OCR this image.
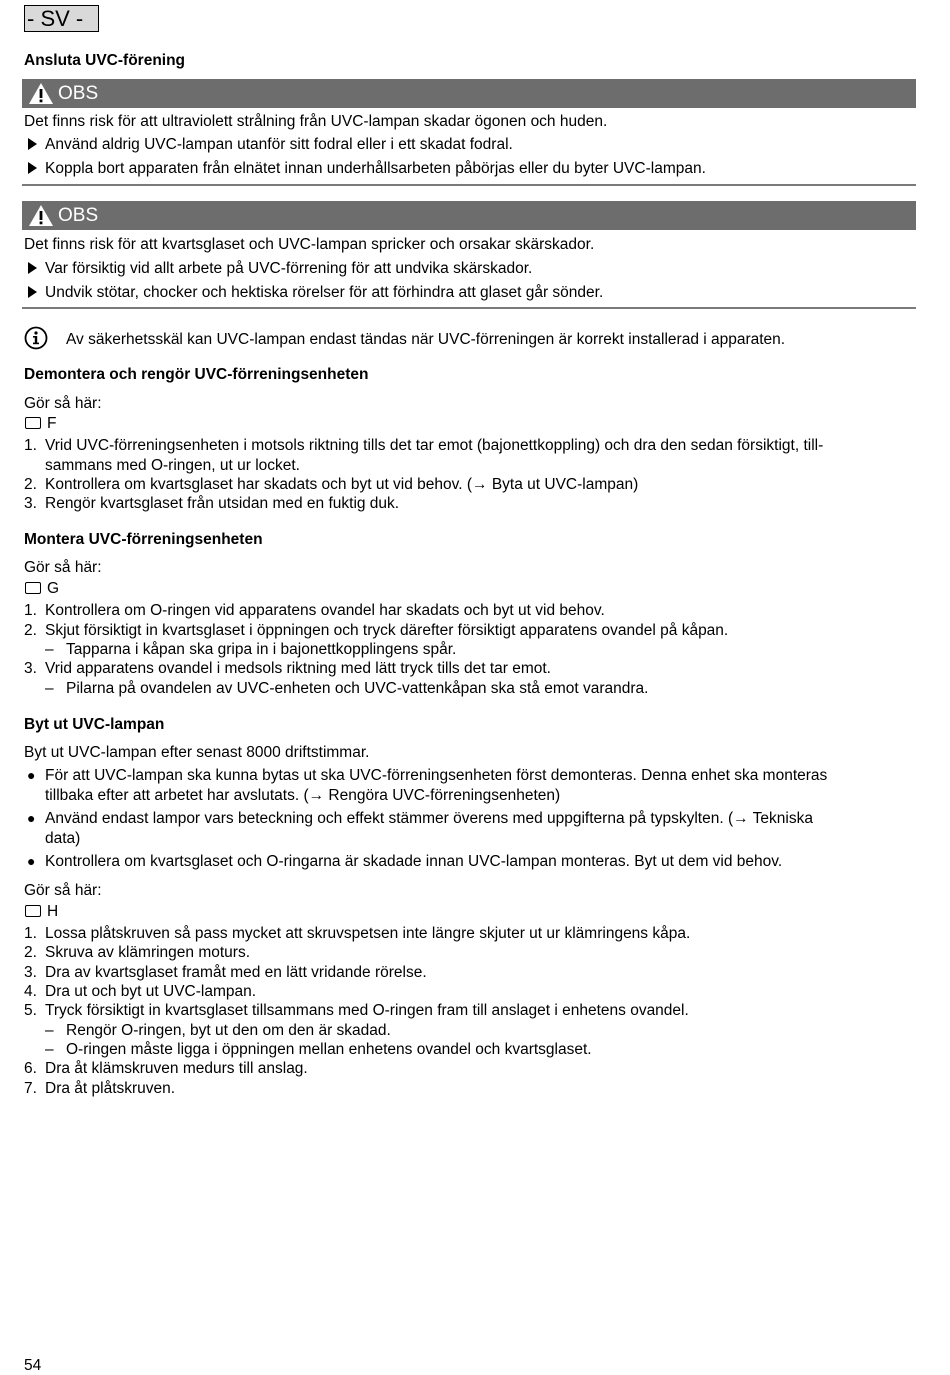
- SV -
Ansluta UVC-förening
OBS
Det finns risk för att ultraviolett strålning från UVC-lampan skadar ögonen och huden.
Använd aldrig UVC-lampan utanför sitt fodral eller i ett skadat fodral.
Koppla bort apparaten från elnätet innan underhållsarbeten påbörjas eller du byter UVC-lampan.
OBS
Det finns risk för att kvartsglaset och UVC-lampan spricker och orsakar skärskador.
Var försiktig vid allt arbete på UVC-förrening för att undvika skärskador.
Undvik stötar, chocker och hektiska rörelser för att förhindra att glaset går sönder.
Av säkerhetsskäl kan UVC-lampan endast tändas när UVC-förreningen är korrekt installerad i apparaten.
Demontera och rengör UVC-förreningsenheten
Gör så här:
F
1. Vrid UVC-förreningsenheten i motsols riktning tills det tar emot (bajonettkoppling) och dra den sedan försiktigt, till-
sammans med O-ringen, ut ur locket.
2. Kontrollera om kvartsglaset har skadats och byt ut vid behov. (→ Byta ut UVC-lampan)
3. Rengör kvartsglaset från utsidan med en fuktig duk.
Montera UVC-förreningsenheten
Gör så här:
G
1. Kontrollera om O-ringen vid apparatens ovandel har skadats och byt ut vid behov.
2. Skjut försiktigt in kvartsglaset i öppningen och tryck därefter försiktigt apparatens ovandel på kåpan.
– Tapparna i kåpan ska gripa in i bajonettkopplingens spår.
3. Vrid apparatens ovandel i medsols riktning med lätt tryck tills det tar emot.
– Pilarna på ovandelen av UVC-enheten och UVC-vattenkåpan ska stå emot varandra.
Byt ut UVC-lampan
Byt ut UVC-lampan efter senast 8000 driftstimmar.
● För att UVC-lampan ska kunna bytas ut ska UVC-förreningsenheten först demonteras. Denna enhet ska monteras
tillbaka efter att arbetet har avslutats. (→ Rengöra UVC-förreningsenheten)
● Använd endast lampor vars beteckning och effekt stämmer överens med uppgifterna på typskylten. (→ Tekniska
data)
● Kontrollera om kvartsglaset och O-ringarna är skadade innan UVC-lampan monteras. Byt ut dem vid behov.
Gör så här:
H
1. Lossa plåtskruven så pass mycket att skruvspetsen inte längre skjuter ut ur klämringens kåpa.
2. Skruva av klämringen moturs.
3. Dra av kvartsglaset framåt med en lätt vridande rörelse.
4. Dra ut och byt ut UVC-lampan.
5. Tryck försiktigt in kvartsglaset tillsammans med O-ringen fram till anslaget i enhetens ovandel.
– Rengör O-ringen, byt ut den om den är skadad.
– O-ringen måste ligga i öppningen mellan enhetens ovandel och kvartsglaset.
6. Dra åt klämskruven medurs till anslag.
7. Dra åt plåtskruven.
54
